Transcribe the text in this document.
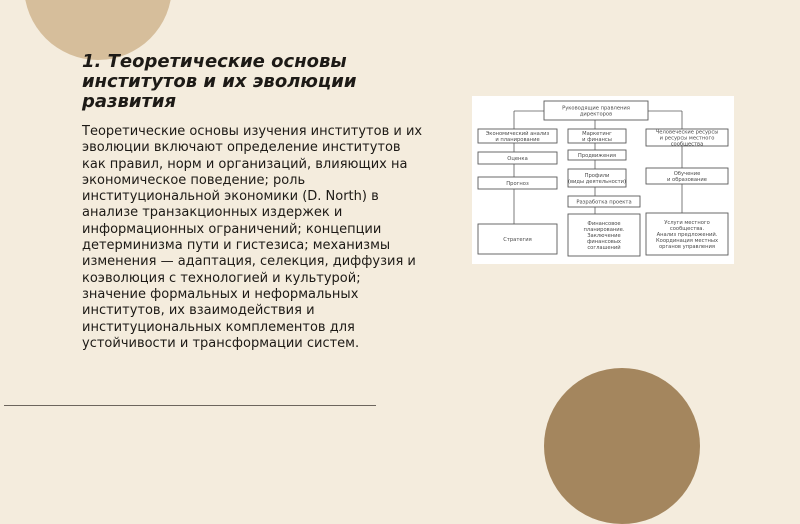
1. Теоретические основы институтов и их эволюции развития

Теоретические основы изучения институтов и их эволюции включают определение институтов как правил, норм и организаций, влияющих на экономическое поведение; роль институциональной экономики (D. North) в анализе транзакционных издержек и информационных ограничений; концепции детерминизма пути и гистезиса; механизмы изменения — адаптация, селекция, диффузия и коэволюция с технологией и культурой; значение формальных и неформальных институтов, их взаимодействия и институциональных комплементов для устойчивости и трансформации систем.

Руководящие правления директоров
Экономический анализ и планирование
Оценка
Прогноз
Стратегия
Маркетинг и финансы
Продвижения
Профили (виды деятельности)
Разработка проекта
Финансовое планирование. Заключение финансовых соглашений
Человеческие ресурсы и ресурсы местного сообщества
Обучение и образование
Услуги местного сообщества. Анализ предложений. Координация местных органов управления
